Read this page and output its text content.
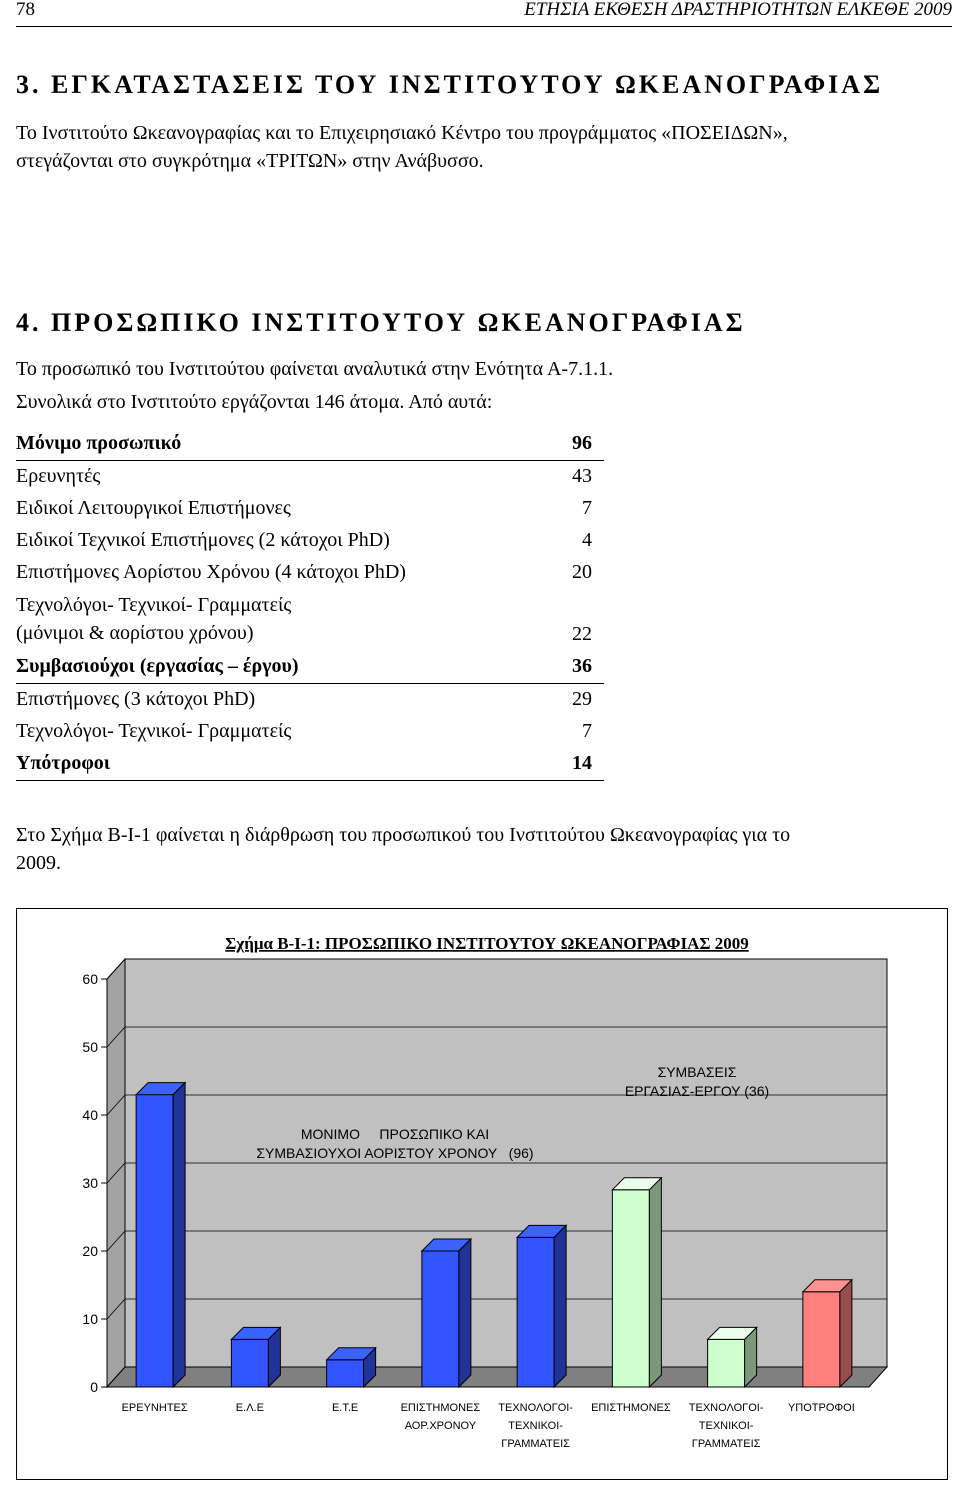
78	ΕΤΗΣΙΑ ΕΚΘΕΣΗ ΔΡΑΣΤΗΡΙΟΤΗΤΩΝ ΕΛΚΕΘΕ 2009
3. ΕΓΚΑΤΑΣΤΑΣΕΙΣ ΤΟΥ ΙΝΣΤΙΤΟΥΤΟΥ ΩΚΕΑΝΟΓΡΑΦΙΑΣ
Το Ινστιτούτο Ωκεανογραφίας και το Επιχειρησιακό Κέντρο του προγράμματος «ΠΟΣΕΙΔΩΝ»,
στεγάζονται στο συγκρότημα «ΤΡΙΤΩΝ» στην Ανάβυσσο.
4. ΠΡΟΣΩΠΙΚΟ ΙΝΣΤΙΤΟΥΤΟΥ ΩΚΕΑΝΟΓΡΑΦΙΑΣ
Το προσωπικό του Ινστιτούτου φαίνεται αναλυτικά στην Ενότητα Α-7.1.1.
Συνολικά στο Ινστιτούτο εργάζονται 146 άτομα. Από αυτά:
Μόνιμο προσωπικό	96
Ερευνητές	43
Ειδικοί Λειτουργικοί Επιστήμονες	7
Ειδικοί Τεχνικοί Επιστήμονες (2 κάτοχοι PhD)	4
Επιστήμονες Αορίστου Χρόνου (4 κάτοχοι PhD)	20
Τεχνολόγοι- Τεχνικοί- Γραμματείς
(μόνιμοι & αορίστου χρόνου)	22
Συμβασιούχοι (εργασίας – έργου)	36
Επιστήμονες (3 κάτοχοι PhD)	29
Τεχνολόγοι- Τεχνικοί- Γραμματείς	7
Υπότροφοι	14
Στο Σχήμα Β-Ι-1 φαίνεται η διάρθρωση του προσωπικού του Ινστιτούτου Ωκεανογραφίας για το
2009.
Σχήμα Β-Ι-1: ΠΡΟΣΩΠΙΚΟ ΙΝΣΤΙΤΟΥΤΟΥ ΩΚΕΑΝΟΓΡΑΦΙΑΣ 2009
0
10
20
30
40
50
60
ΕΡΕΥΝΗΤΕΣ	Ε.Λ.Ε	Ε.Τ.Ε	ΕΠΙΣΤΗΜΟΝΕΣ
ΑΟΡ.ΧΡΟΝΟΥ
ΤΕΧΝΟΛΟΓΟΙ-
ΤΕΧΝΙΚΟΙ-
ΓΡΑΜΜΑΤΕΙΣ
ΕΠΙΣΤΗΜΟΝΕΣ ΤΕΧΝΟΛΟΓΟΙ-
ΤΕΧΝΙΚΟΙ-
ΓΡΑΜΜΑΤΕΙΣ
ΥΠΟΤΡΟΦΟΙ
ΜΟΝΙΜΟ     ΠΡΟΣΩΠΙΚΟ ΚΑΙ
ΣΥΜΒΑΣΙΟΥΧΟΙ ΑΟΡΙΣΤΟΥ ΧΡΟΝΟΥ   (96)
ΣΥΜΒΑΣΕΙΣ
ΕΡΓΑΣΙΑΣ-ΕΡΓΟΥ (36)
